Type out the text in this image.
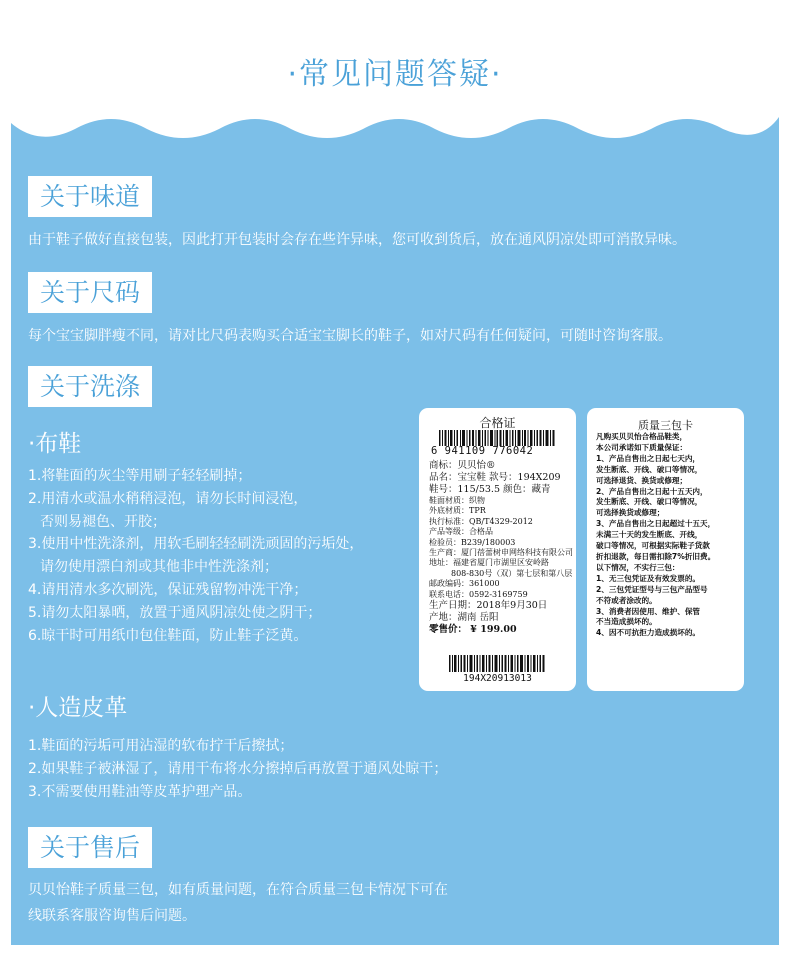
·常见问题答疑·
关于味道
由于鞋子做好直接包装，因此打开包装时会存在些许异味，您可收到货后，放在通风阴凉处即可消散异味。
关于尺码
每个宝宝脚胖瘦不同，请对比尺码表购买合适宝宝脚长的鞋子，如对尺码有任何疑问，可随时咨询客服。
关于洗涤
·布鞋
1.将鞋面的灰尘等用刷子轻轻刷掉；
2.用清水或温水稍稍浸泡，请勿长时间浸泡，
否则易褪色、开胶；
3.使用中性洗涤剂，用软毛刷轻轻刷洗顽固的污垢处，
请勿使用漂白剂或其他非中性洗涤剂；
4.请用清水多次刷洗，保证残留物冲洗干净；
5.请勿太阳暴晒，放置于通风阴凉处使之阴干；
6.晾干时可用纸巾包住鞋面，防止鞋子泛黄。
·人造皮革
1.鞋面的污垢可用沾湿的软布拧干后擦拭；
2.如果鞋子被淋湿了，请用干布将水分擦掉后再放置于通风处晾干；
3.不需要使用鞋油等皮革护理产品。
关于售后
贝贝怡鞋子质量三包，如有质量问题，在符合质量三包卡情况下可在
线联系客服咨询售后问题。
合格证
6 941109 776042
商标：贝贝怡®
品名：宝宝鞋 款号：194X209
鞋号：115/53.5 颜色：藏青
鞋面材质：织物
外底材质：TPR
执行标准：QB/T4329-2012
产品等级：合格品
检验员：B239/180003
生产商：厦门蓓蕾树申网络科技有限公司
地址：福建省厦门市湖里区安岭路
808-830号（双）第七层和第八层
邮政编码：361000
联系电话：0592-3169759
生产日期：2018年9月30日
产地：湖南 岳阳
零售价： ¥ 199.00
194X20913013
质量三包卡
凡购买贝贝怡合格品鞋类，
本公司承诺如下质量保证：
1、产品自售出之日起七天内，
发生断底、开线、破口等情况，
可选择退货、换货或修理；
2、产品自售出之日起十五天内，
发生断底、开线、破口等情况，
可选择换货或修理；
3、产品自售出之日起超过十五天，
未满三十天的发生断底、开线，
破口等情况，可根据实际鞋子货款
折扣退款，每日需扣除7%折旧费。
以下情况，不实行三包：
1、无三包凭证及有效发票的。
2、三包凭证型号与三包产品型号
不符或者涂改的。
3、消费者因使用、维护、保管
不当造成损坏的。
4、因不可抗拒力造成损坏的。
